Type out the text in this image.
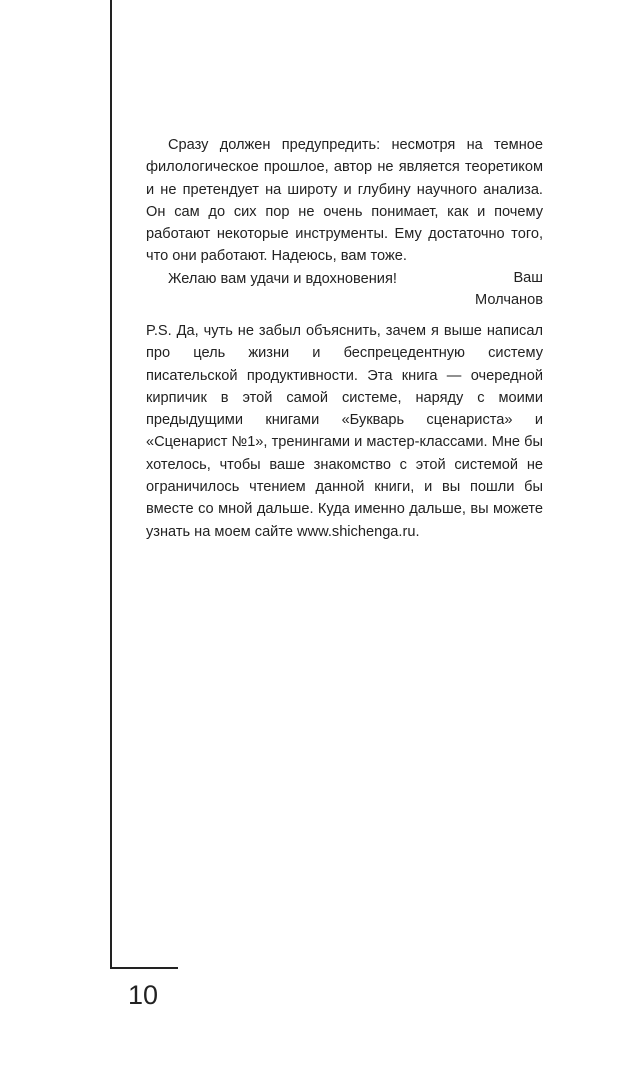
Сразу должен предупредить: несмотря на темное филологическое прошлое, автор не является теоретиком и не претендует на широту и глубину научного анализа. Он сам до сих пор не очень понимает, как и почему работают некоторые инструменты. Ему достаточно того, что они работают. Надеюсь, вам тоже.

Желаю вам удачи и вдохновения!	Ваш
Молчанов

P.S. Да, чуть не забыл объяснить, зачем я выше написал про цель жизни и беспрецедентную систему писательской продуктивности. Эта книга — очередной кирпичик в этой самой системе, наряду с моими предыдущими книгами «Букварь сценариста» и «Сценарист №1», тренингами и мастер-классами. Мне бы хотелось, чтобы ваше знакомство с этой системой не ограничилось чтением данной книги, и вы пошли бы вместе со мной дальше. Куда именно дальше, вы можете узнать на моем сайте www.shichenga.ru.

10
